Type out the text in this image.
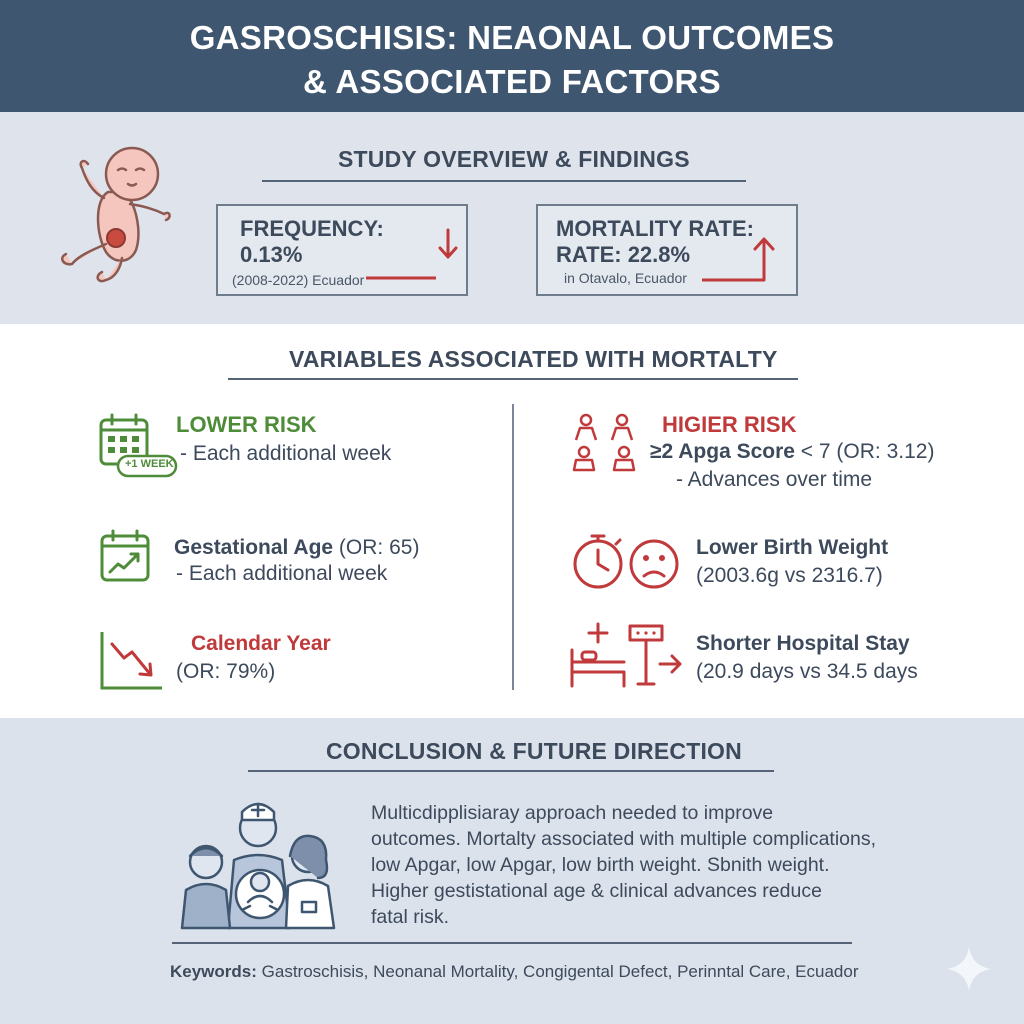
GASROSCHISIS: NEAONAL OUTCOMES
& ASSOCIATED FACTORS
STUDY OVERVIEW & FINDINGS
FREQUENCY:
0.13%
(2008-2022) Ecuador
MORTALITY RATE:
RATE: 22.8%
in Otavalo, Ecuador
VARIABLES ASSOCIATED WITH MORTALTY
+1 WEEK
LOWER RISK
- Each additional week
Gestational Age (OR: 65)
- Each additional week
Calendar Year
(OR: 79%)
HIGIER RISK
≥2 Apga Score < 7 (OR: 3.12)
- Advances over time
Lower Birth Weight
(2003.6g vs 2316.7)
Shorter Hospital Stay
(20.9 days vs 34.5 days
CONCLUSION & FUTURE DIRECTION
Multicdipplisiaray approach needed to improve
outcomes. Mortalty associated with multiple complications,
low Apgar, low Apgar, low birth weight. Sbnith weight.
Higher gestistational age & clinical advances reduce
fatal risk.
Keywords: Gastroschisis, Neonanal Mortality, Congigental Defect, Perinntal Care, Ecuador
